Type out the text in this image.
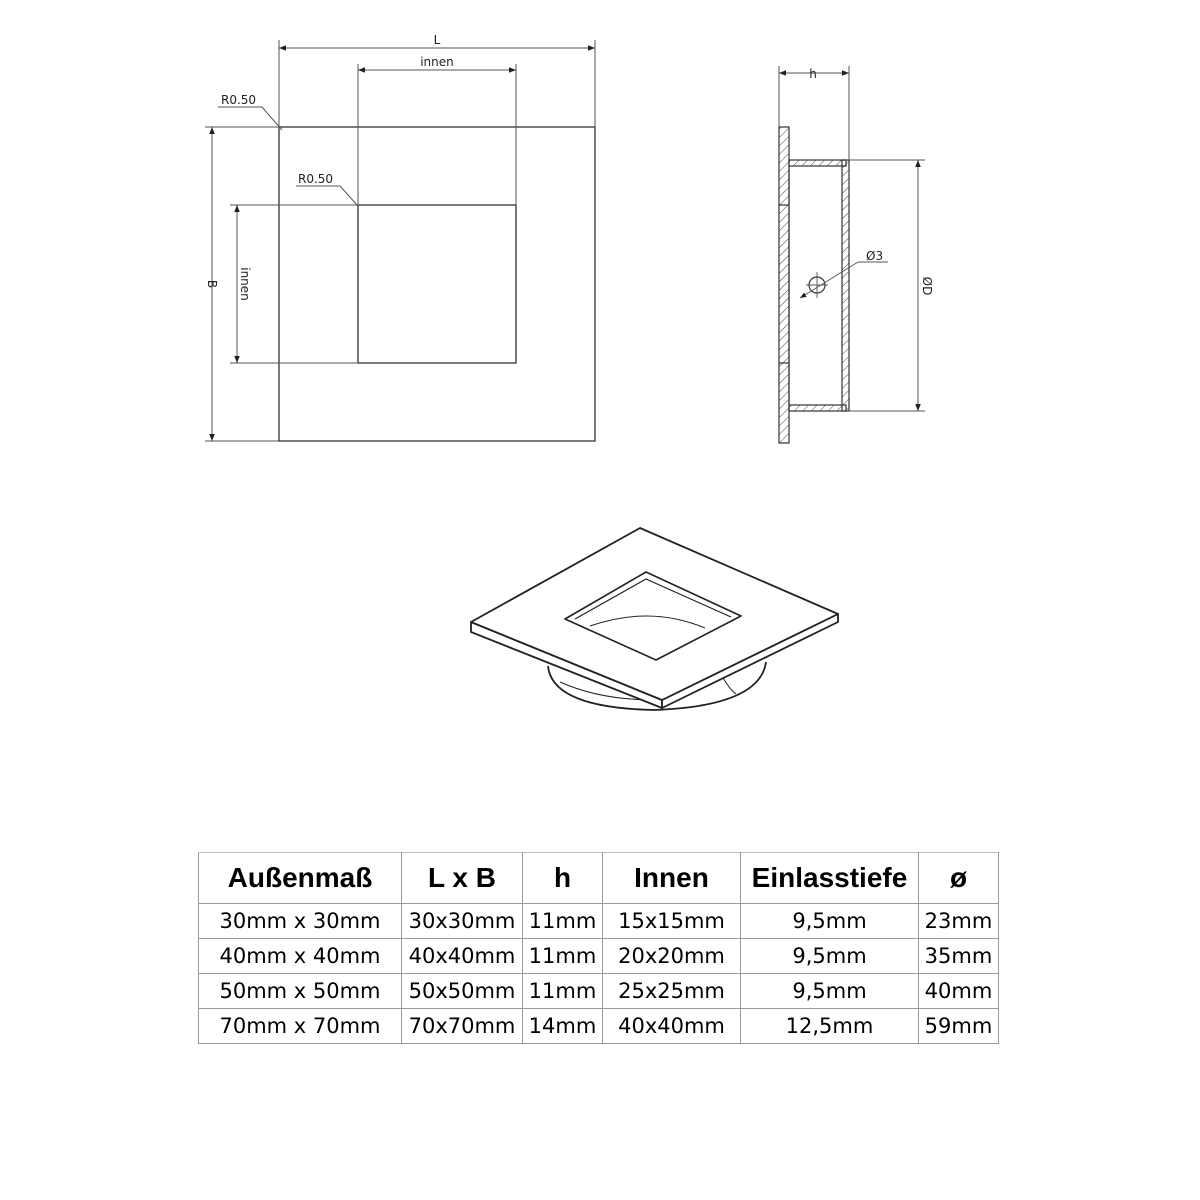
L
innen
B innen
R0.50
R0.50
h
Ø3
ØD
Außenmaß	L x B	h	Innen	Einlasstiefe	ø
30mm x 30mm	30x30mm	11mm	15x15mm	9,5mm	23mm
40mm x 40mm	40x40mm	11mm	20x20mm	9,5mm	35mm
50mm x 50mm	50x50mm	11mm	25x25mm	9,5mm	40mm
70mm x 70mm	70x70mm	14mm	40x40mm	12,5mm	59mm
